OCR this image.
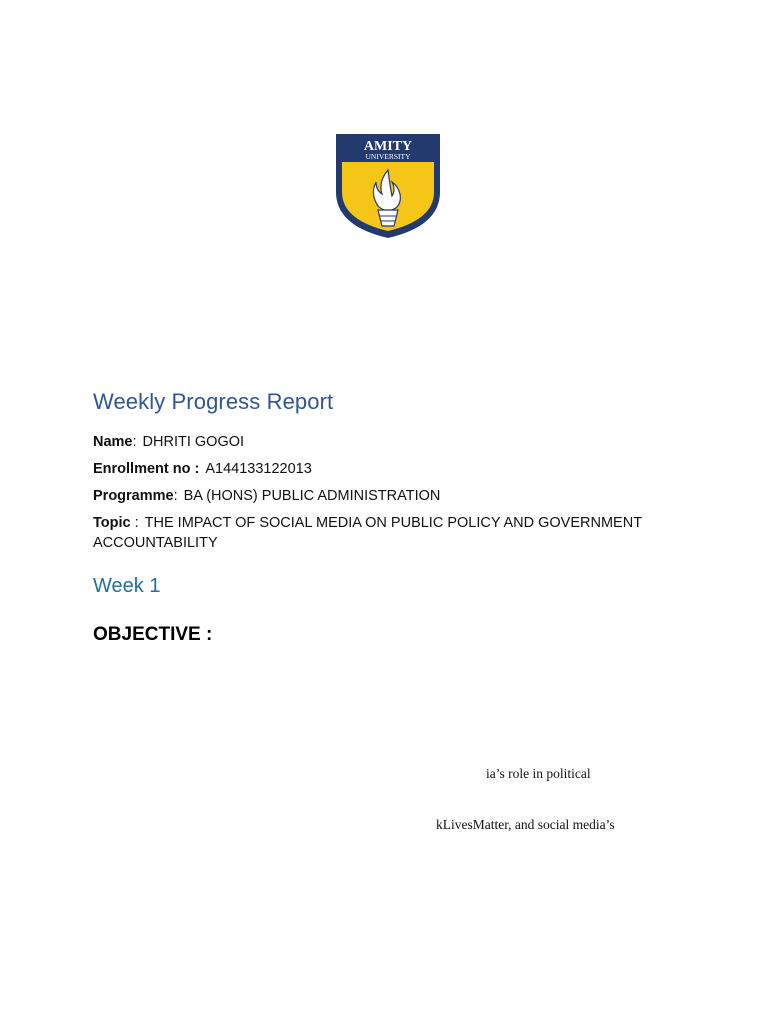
AMITY
UNIVERSITY
Weekly Progress Report
Name: DHRITI GOGOI
Enrollment no : A144133122013
Programme: BA (HONS) PUBLIC ADMINISTRATION
Topic : THE IMPACT OF SOCIAL MEDIA ON PUBLIC POLICY AND GOVERNMENT ACCOUNTABILITY
Week 1
OBJECTIVE :
ia’s role in political
kLivesMatter, and social media’s
